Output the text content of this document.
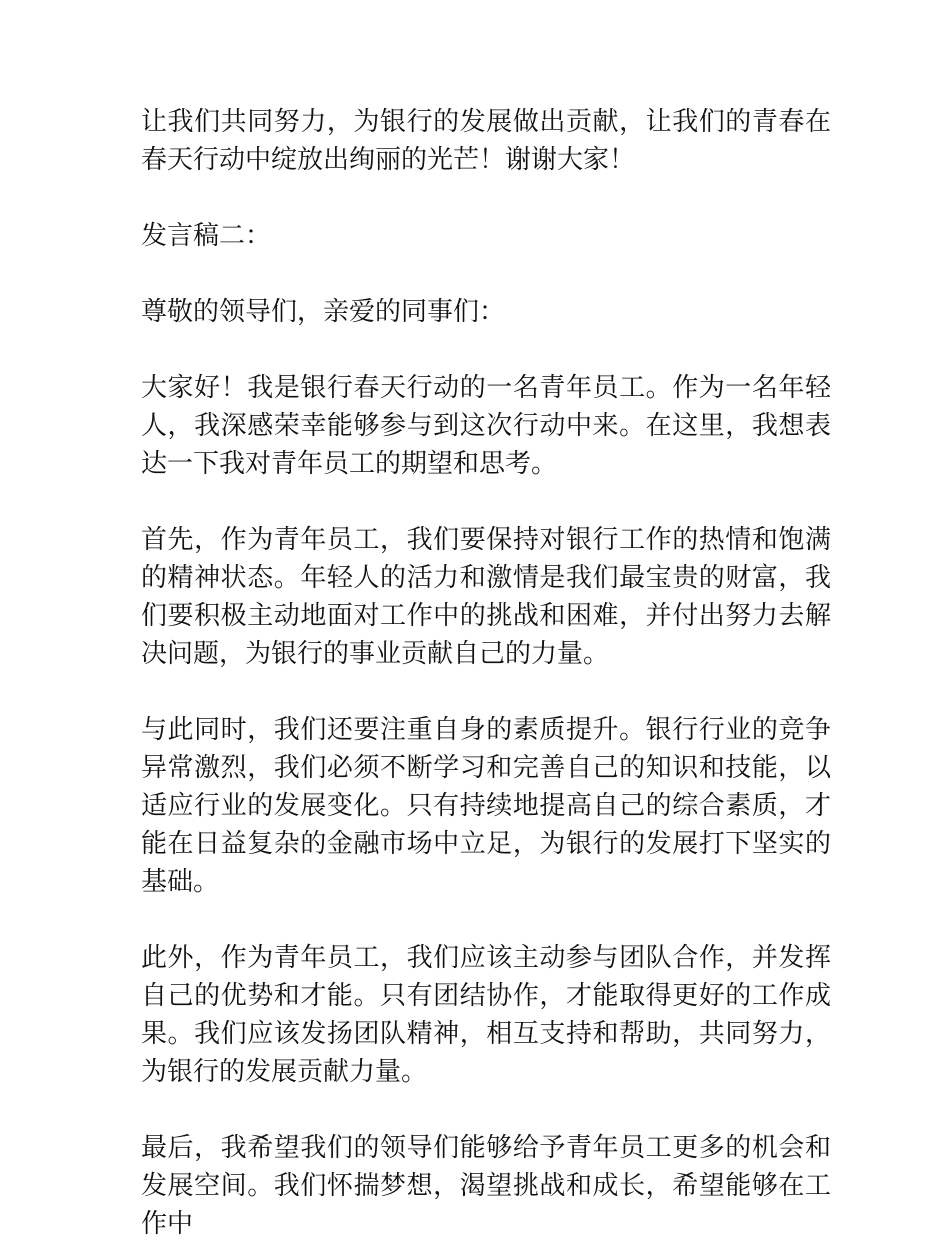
让我们共同努力，为银行的发展做出贡献，让我们的青春在春天行动中绽放出绚丽的光芒！谢谢大家！

发言稿二：

尊敬的领导们，亲爱的同事们：

大家好！我是银行春天行动的一名青年员工。作为一名年轻人，我深感荣幸能够参与到这次行动中来。在这里，我想表达一下我对青年员工的期望和思考。

首先，作为青年员工，我们要保持对银行工作的热情和饱满的精神状态。年轻人的活力和激情是我们最宝贵的财富，我们要积极主动地面对工作中的挑战和困难，并付出努力去解决问题，为银行的事业贡献自己的力量。

与此同时，我们还要注重自身的素质提升。银行行业的竞争异常激烈，我们必须不断学习和完善自己的知识和技能，以适应行业的发展变化。只有持续地提高自己的综合素质，才能在日益复杂的金融市场中立足，为银行的发展打下坚实的基础。

此外，作为青年员工，我们应该主动参与团队合作，并发挥自己的优势和才能。只有团结协作，才能取得更好的工作成果。我们应该发扬团队精神，相互支持和帮助，共同努力，为银行的发展贡献力量。

最后，我希望我们的领导们能够给予青年员工更多的机会和发展空间。我们怀揣梦想，渴望挑战和成长，希望能够在工作中
